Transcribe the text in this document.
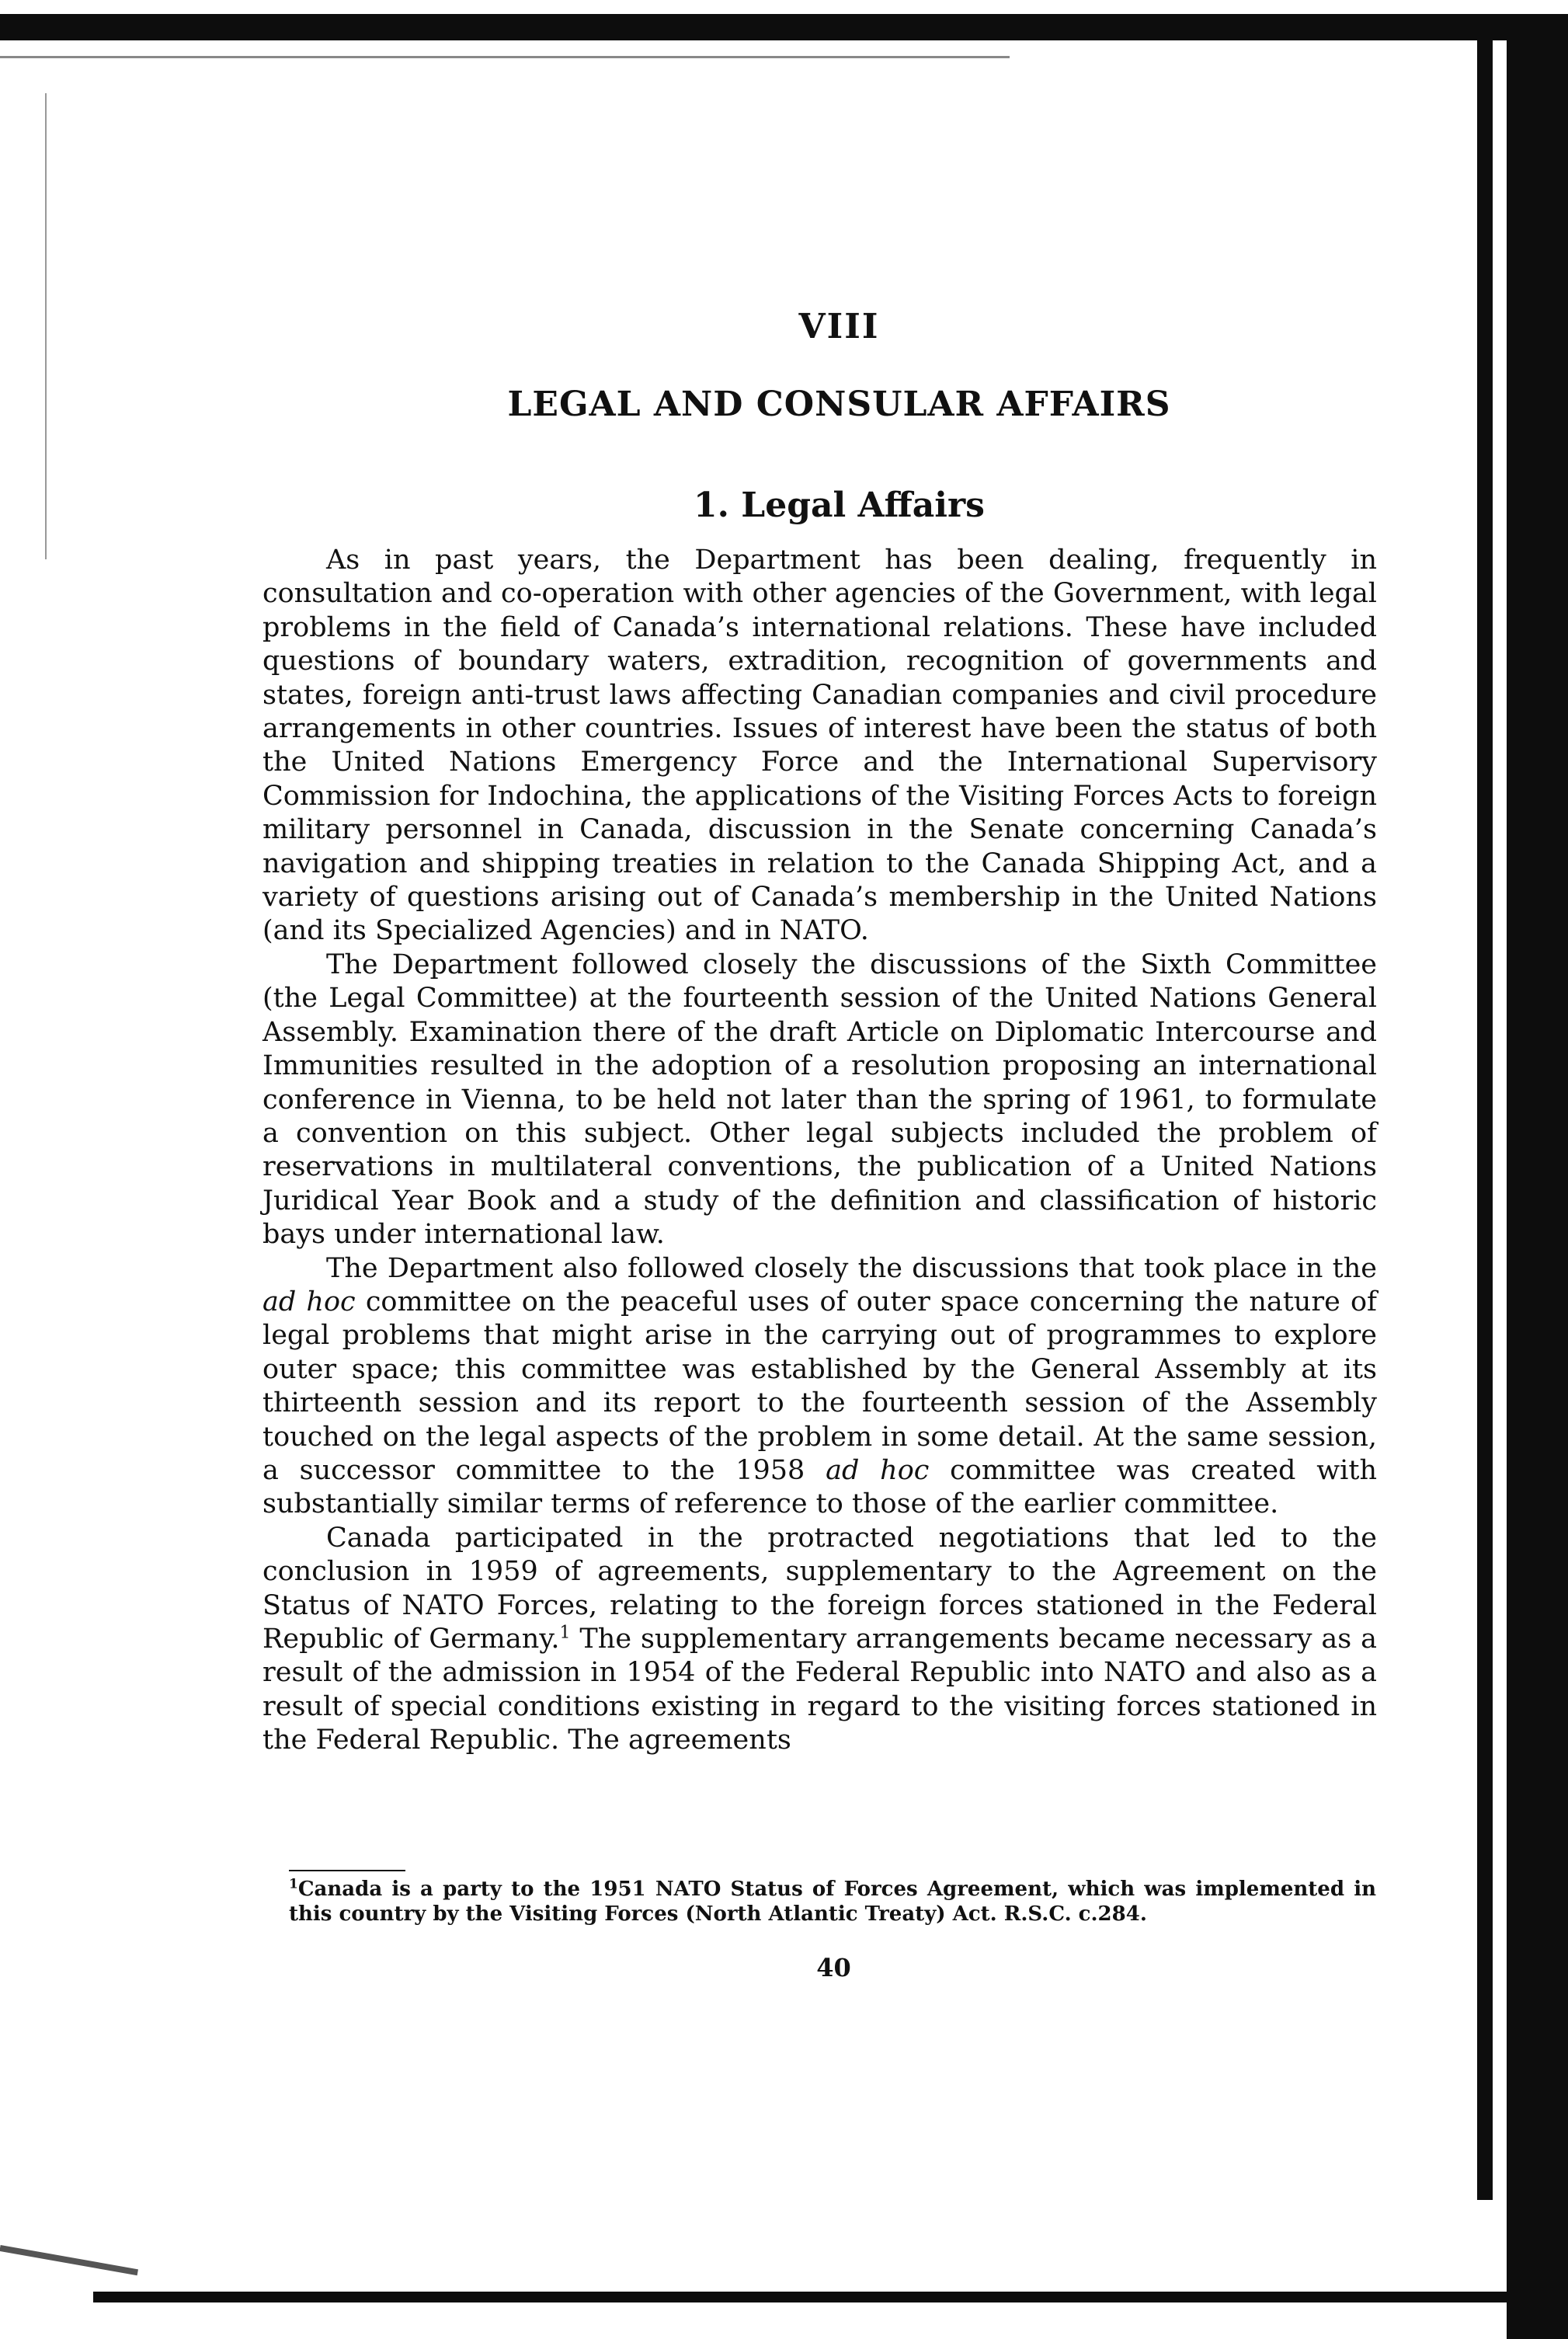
VIII
LEGAL AND CONSULAR AFFAIRS
1. Legal Affairs

As in past years, the Department has been dealing, frequently in consultation and co-operation with other agencies of the Government, with legal problems in the field of Canada’s international relations. These have included questions of boundary waters, extradition, recognition of governments and states, foreign anti-trust laws affecting Canadian companies and civil procedure arrangements in other countries. Issues of interest have been the status of both the United Nations Emergency Force and the International Supervisory Commission for Indochina, the applications of the Visiting Forces Acts to foreign military personnel in Canada, discussion in the Senate concerning Canada’s navigation and shipping treaties in relation to the Canada Shipping Act, and a variety of questions arising out of Canada’s membership in the United Nations (and its Specialized Agencies) and in NATO.

The Department followed closely the discussions of the Sixth Committee (the Legal Committee) at the fourteenth session of the United Nations General Assembly. Examination there of the draft Article on Diplomatic Intercourse and Immunities resulted in the adoption of a resolution proposing an international conference in Vienna, to be held not later than the spring of 1961, to formulate a convention on this subject. Other legal subjects included the problem of reservations in multilateral conventions, the publication of a United Nations Juridical Year Book and a study of the definition and classification of historic bays under international law.

The Department also followed closely the discussions that took place in the ad hoc committee on the peaceful uses of outer space concerning the nature of legal problems that might arise in the carrying out of programmes to explore outer space; this committee was established by the General Assembly at its thirteenth session and its report to the fourteenth session of the Assembly touched on the legal aspects of the problem in some detail. At the same session, a successor committee to the 1958 ad hoc committee was created with substantially similar terms of reference to those of the earlier committee.

Canada participated in the protracted negotiations that led to the conclusion in 1959 of agreements, supplementary to the Agreement on the Status of NATO Forces, relating to the foreign forces stationed in the Federal Republic of Germany.$^1$ The supplementary arrangements became necessary as a result of the admission in 1954 of the Federal Republic into NATO and also as a result of special conditions existing in regard to the visiting forces stationed in the Federal Republic. The agreements

$^1$Canada is a party to the 1951 NATO Status of Forces Agreement, which was implemented in this country by the Visiting Forces (North Atlantic Treaty) Act. R.S.C. c.284.
40
